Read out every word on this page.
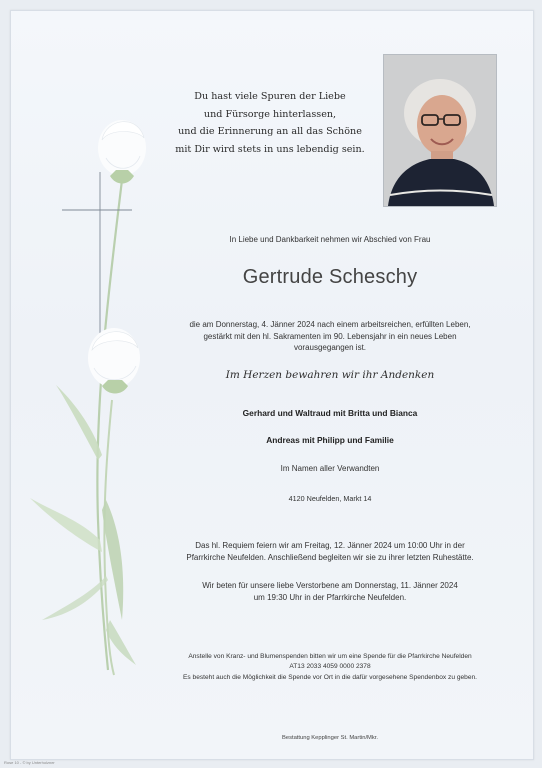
Du hast viele Spuren der Liebe
und Fürsorge hinterlassen,
und die Erinnerung an all das Schöne
mit Dir wird stets in uns lebendig sein.
In Liebe und Dankbarkeit nehmen wir Abschied von Frau
Gertrude Scheschy
die am Donnerstag, 4. Jänner 2024 nach einem arbeitsreichen, erfüllten Leben,
gestärkt mit den hl. Sakramenten im 90. Lebensjahr in ein neues Leben
vorausgegangen ist.
Im Herzen bewahren wir ihr Andenken
Gerhard und Waltraud mit Britta und Bianca
Andreas mit Philipp und Familie
Im Namen aller Verwandten
4120 Neufelden, Markt 14
Das hl. Requiem feiern wir am Freitag, 12. Jänner 2024 um 10:00 Uhr in der
Pfarrkirche Neufelden. Anschließend begleiten wir sie zu ihrer letzten Ruhestätte.
Wir beten für unsere liebe Verstorbene am Donnerstag, 11. Jänner 2024
um 19:30 Uhr in der Pfarrkirche Neufelden.
Anstelle von Kranz- und Blumenspenden bitten wir um eine Spende für die Pfarrkirche Neufelden
AT13 2033 4059 0000 2378
Es besteht auch die Möglichkeit die Spende vor Ort in die dafür vorgesehene Spendenbox zu geben.
Bestattung Kepplinger St. Martin/Mkr.
Rose 10 - © by Unterholzner
